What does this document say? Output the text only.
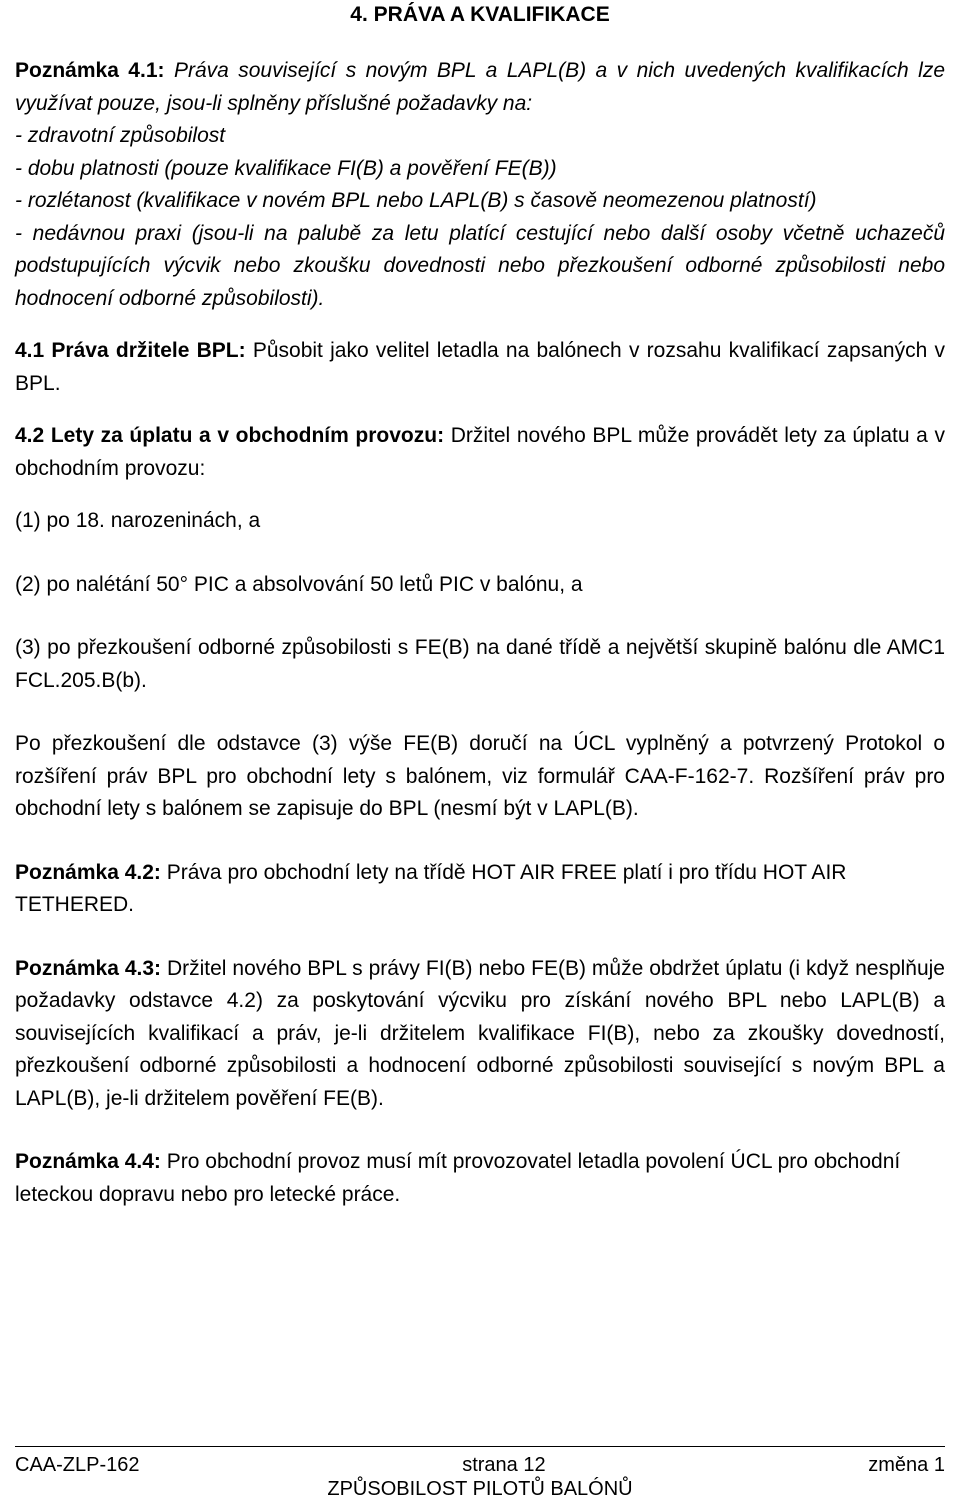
4. PRÁVA A KVALIFIKACE
Poznámka 4.1: Práva související s novým BPL a LAPL(B) a v nich uvedených kvalifikacích lze využívat pouze, jsou-li splněny příslušné požadavky na:
- zdravotní způsobilost
- dobu platnosti (pouze kvalifikace FI(B) a pověření FE(B))
- rozlétanost (kvalifikace v novém BPL nebo LAPL(B) s časově neomezenou platností)
- nedávnou praxi (jsou-li na palubě za letu platící cestující nebo další osoby včetně uchazečů podstupujících výcvik nebo zkoušku dovednosti nebo přezkoušení odborné způsobilosti nebo hodnocení odborné způsobilosti).
4.1 Práva držitele BPL: Působit jako velitel letadla na balónech v rozsahu kvalifikací zapsaných v BPL.
4.2 Lety za úplatu a v obchodním provozu: Držitel nového BPL může provádět lety za úplatu a v obchodním provozu:
(1) po 18. narozeninách, a
(2) po nalétání 50° PIC a absolvování 50 letů PIC v balónu, a
(3) po přezkoušení odborné způsobilosti s FE(B) na dané třídě a největší skupině balónu dle AMC1 FCL.205.B(b).
Po přezkoušení dle odstavce (3) výše FE(B) doručí na ÚCL vyplněný a potvrzený Protokol o rozšíření práv BPL pro obchodní lety s balónem, viz formulář CAA-F-162-7. Rozšíření práv pro obchodní lety s balónem se zapisuje do BPL (nesmí být v LAPL(B).
Poznámka 4.2: Práva pro obchodní lety na třídě HOT AIR FREE platí i pro třídu HOT AIR TETHERED.
Poznámka 4.3: Držitel nového BPL s právy FI(B) nebo FE(B) může obdržet úplatu (i když nesplňuje požadavky odstavce 4.2) za poskytování výcviku pro získání nového BPL nebo LAPL(B) a souvisejících kvalifikací a práv, je-li držitelem kvalifikace FI(B), nebo za zkoušky dovedností, přezkoušení odborné způsobilosti a hodnocení odborné způsobilosti související s novým BPL a LAPL(B), je-li držitelem pověření FE(B).
Poznámka 4.4: Pro obchodní provoz musí mít provozovatel letadla povolení ÚCL pro obchodní leteckou dopravu nebo pro letecké práce.
CAA-ZLP-162	strana 12	změna 1
ZPŮSOBILOST PILOTŮ BALÓNŮ
